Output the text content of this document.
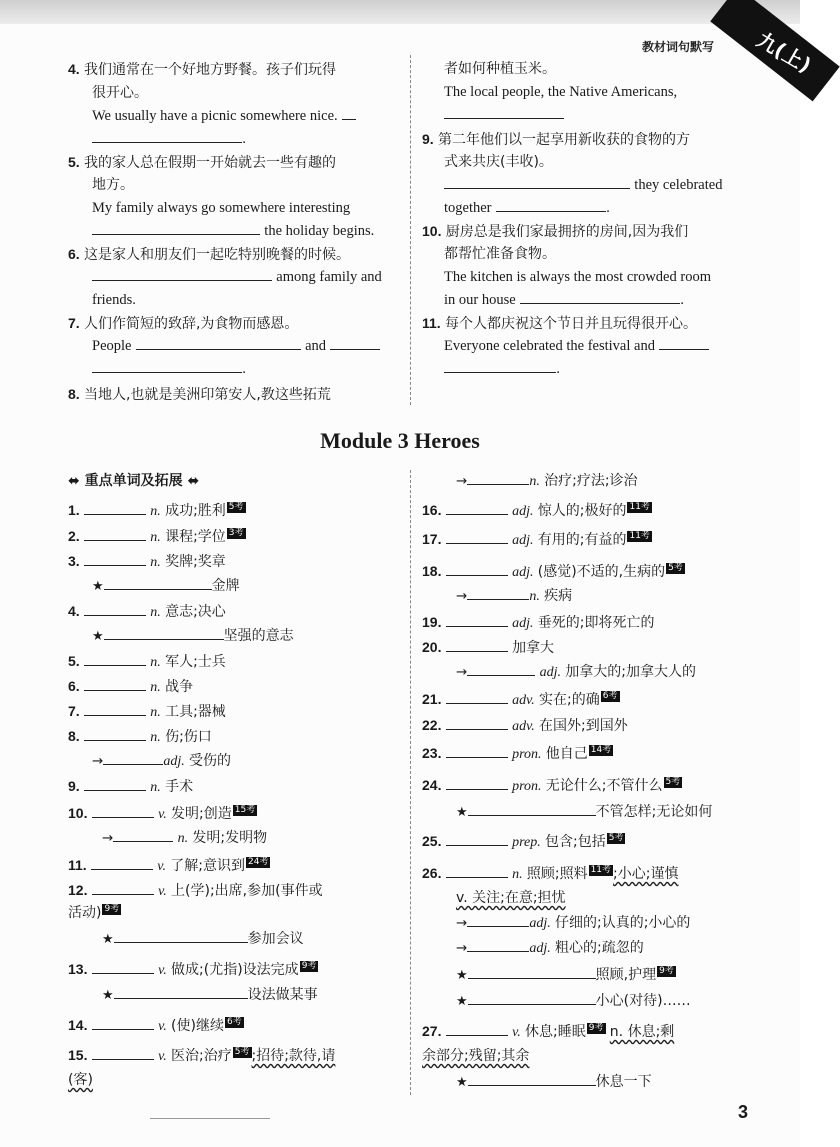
教材词句默写 九(上)
4. 我们通常在一个好地方野餐。孩子们玩得
很开心。
We usually have a picnic somewhere nice.
.
5. 我的家人总在假期一开始就去一些有趣的
地方。
My family always go somewhere interesting
the holiday begins.
6. 这是家人和朋友们一起吃特别晚餐的时候。
among family and
friends.
7. 人们作简短的致辞,为食物而感恩。
People	and
.
8. 当地人,也就是美洲印第安人,教这些拓荒
者如何种植玉米。
The local people, the Native Americans,
9. 第二年他们以一起享用新收获的食物的方
式来共庆(丰收)。
they celebrated
together	.
10. 厨房总是我们家最拥挤的房间,因为我们
都帮忙准备食物。
The kitchen is always the most crowded room
in our house	.
11. 每个人都庆祝这个节日并且玩得很开心。
Everyone celebrated the festival and
.
Module 3 Heroes
⬌ 重点单词及拓展 ⬌
1.	n. 成功;胜利 5考
2.	n. 课程;学位 3考
3.	n. 奖牌;奖章
★	金牌
4.	n. 意志;决心
★	坚强的意志
5.	n. 军人;士兵
6.	n. 战争
7.	n. 工具;器械
8.	n. 伤;伤口
→	adj. 受伤的
9.	n. 手术
10.	v. 发明;创造 15考
→	n. 发明;发明物
11.	v. 了解;意识到 24考
12.	v. 上(学);出席,参加(事件或
活动) 9考
★	参加会议
13.	v. 做成;(尤指)设法完成 9考
★	设法做某事
14.	v. (使)继续 6考
15.	v. 医治;治疗 5考 ;招待;款待,请
(客)
→	n. 治疗;疗法;诊治
16.	adj. 惊人的;极好的 11考
17.	adj. 有用的;有益的 11考
18.	adj. (感觉)不适的,生病的 5考
→	n. 疾病
19.	adj. 垂死的;即将死亡的
20.	加拿大
→	adj. 加拿大的;加拿大人的
21.	adv. 实在;的确 6考
22.	adv. 在国外;到国外
23.	pron. 他自己 14考
24.	pron. 无论什么;不管什么 5考
★	不管怎样;无论如何
25.	prep. 包含;包括 5考
26.	n. 照顾;照料 11考 ;小心;谨慎
v. 关注;在意;担忧
→	adj. 仔细的;认真的;小心的
→	adj. 粗心的;疏忽的
★	照顾,护理 9考
★	小心(对待)……
27.	v. 休息;睡眠 9考 n. 休息;剩
余部分;残留;其余
★	休息一下
3
